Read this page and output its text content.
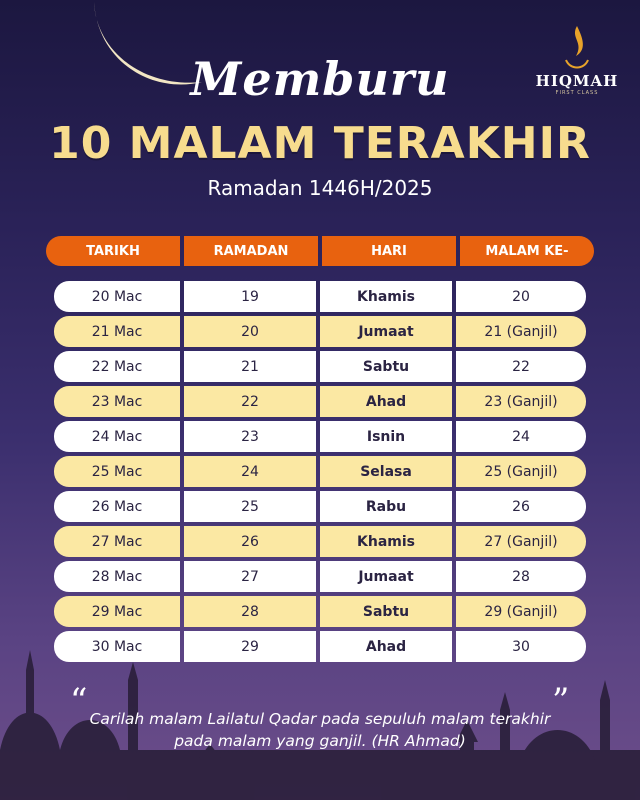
HIQMAH
FIRST CLASS
Memburu
10 MALAM TERAKHIR
Ramadan 1446H/2025
TARIKH	RAMADAN	HARI	MALAM KE-
20 Mac	19	Khamis	20
21 Mac	20	Jumaat	21 (Ganjil)
22 Mac	21	Sabtu	22
23 Mac	22	Ahad	23 (Ganjil)
24 Mac	23	Isnin	24
25 Mac	24	Selasa	25 (Ganjil)
26 Mac	25	Rabu	26
27 Mac	26	Khamis	27 (Ganjil)
28 Mac	27	Jumaat	28
29 Mac	28	Sabtu	29 (Ganjil)
30 Mac	29	Ahad	30
“	”
Carilah malam Lailatul Qadar pada sepuluh malam terakhir pada malam yang ganjil. (HR Ahmad)
